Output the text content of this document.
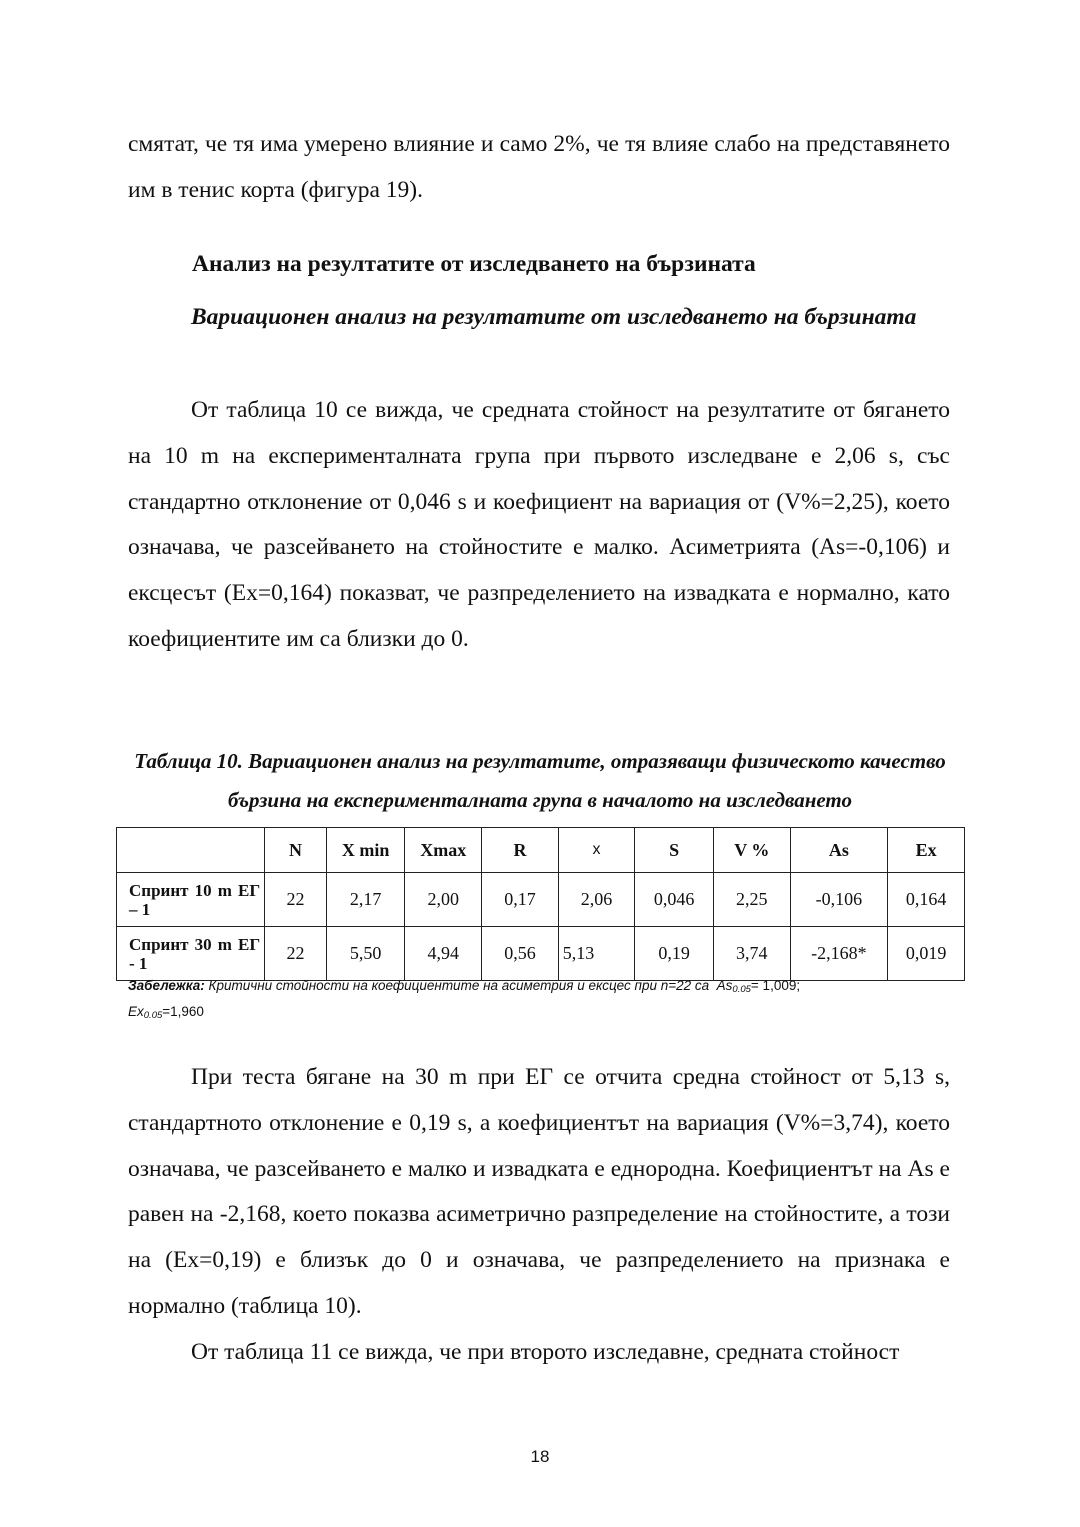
смятат, че тя има умерено влияние и само 2%, че тя влияе слабо на представянето им в тенис корта (фигура 19).

Анализ на резултатите от изследването на бързината

Вариационен анализ на резултатите от изследването на бързината

От таблица 10 се вижда, че средната стойност на резултатите от бягането на 10 m на експерименталната група при първото изследване е 2,06 s, със стандартно отклонение от 0,046 s и коефициент на вариация от (V%=2,25), което означава, че разсейването на стойностите е малко. Асиметрията (As=-0,106) и ексцесът (Ex=0,164) показват, че разпределението на извадката е нормално, като коефициентите им са близки до 0.

Таблица 10. Вариационен анализ на резултатите, отразяващи физическото качество бързина на експерименталната група в началото на изследването

	N	X min	Xmax	R	x	S	V %	As	Ex
Спринт 10 m ЕГ – 1	22	2,17	2,00	0,17	2,06	0,046	2,25	-0,106	0,164
Спринт 30 m ЕГ - 1	22	5,50	4,94	0,56	5,13	0,19	3,74	-2,168*	0,019

Забележка: Критични стойности на коефициентите на асиметрия и ексцес при n=22 са $As_{0.05}= 1,009$;
$Ex_{0.05}=1,960$

При теста бягане на 30 m при ЕГ се отчита средна стойност от 5,13 s, стандартното отклонение е 0,19 s, а коефициентът на вариация (V%=3,74), което означава, че разсейването е малко и извадката е еднородна. Коефициентът на As е равен на -2,168, което показва асиметрично разпределение на стойностите, а този на (Ex=0,19) е близък до 0 и означава, че разпределението на признака е нормално (таблица 10).

От таблица 11 се вижда, че при второто изследавне, средната стойност

18
